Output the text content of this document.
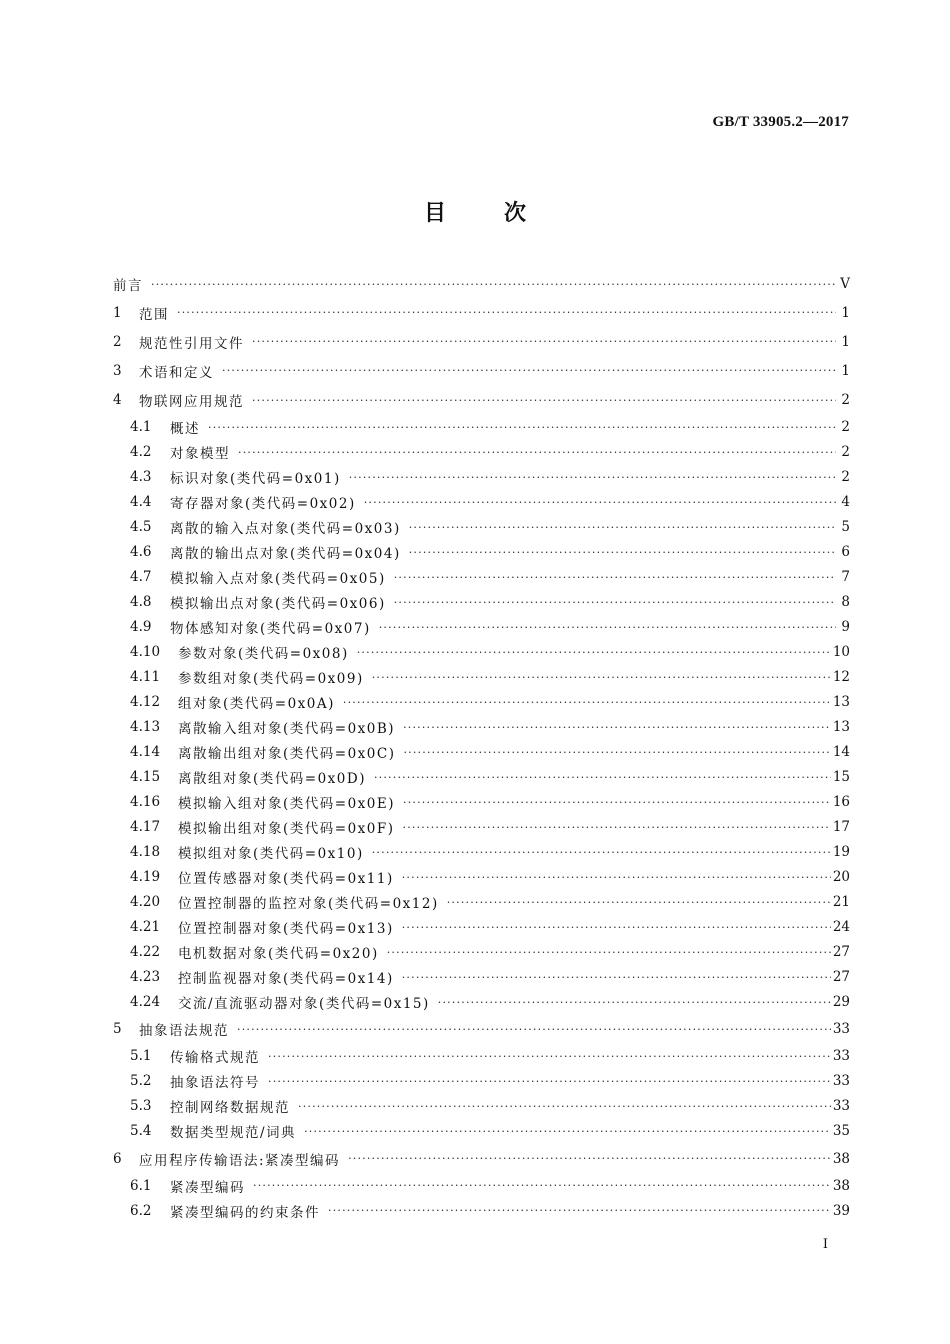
GB/T 33905.2—2017
目次
前言 ·····	V
1	范围 ·····	1
2	规范性引用文件 ·····	1
3	术语和定义 ·····	1
4	物联网应用规范 ·····	2
4.1	概述 ·····	2
4.2	对象模型 ·····	2
4.3	标识对象(类代码=0x01) ·····	2
4.4	寄存器对象(类代码=0x02) ·····	4
4.5	离散的输入点对象(类代码=0x03) ·····	5
4.6	离散的输出点对象(类代码=0x04) ·····	6
4.7	模拟输入点对象(类代码=0x05) ·····	7
4.8	模拟输出点对象(类代码=0x06) ·····	8
4.9	物体感知对象(类代码=0x07) ·····	9
4.10	参数对象(类代码=0x08) ·····	10
4.11	参数组对象(类代码=0x09) ·····	12
4.12	组对象(类代码=0x0A) ·····	13
4.13	离散输入组对象(类代码=0x0B) ·····	13
4.14	离散输出组对象(类代码=0x0C) ·····	14
4.15	离散组对象(类代码=0x0D) ·····	15
4.16	模拟输入组对象(类代码=0x0E) ·····	16
4.17	模拟输出组对象(类代码=0x0F) ·····	17
4.18	模拟组对象(类代码=0x10) ·····	19
4.19	位置传感器对象(类代码=0x11) ·····	20
4.20	位置控制器的监控对象(类代码=0x12) ·····	21
4.21	位置控制器对象(类代码=0x13) ·····	24
4.22	电机数据对象(类代码=0x20) ·····	27
4.23	控制监视器对象(类代码=0x14) ·····	27
4.24	交流/直流驱动器对象(类代码=0x15) ·····	29
5	抽象语法规范 ·····	33
5.1	传输格式规范 ·····	33
5.2	抽象语法符号 ·····	33
5.3	控制网络数据规范 ·····	33
5.4	数据类型规范/词典 ·····	35
6	应用程序传输语法:紧凑型编码 ·····	38
6.1	紧凑型编码 ·····	38
6.2	紧凑型编码的约束条件 ·····	39
I
